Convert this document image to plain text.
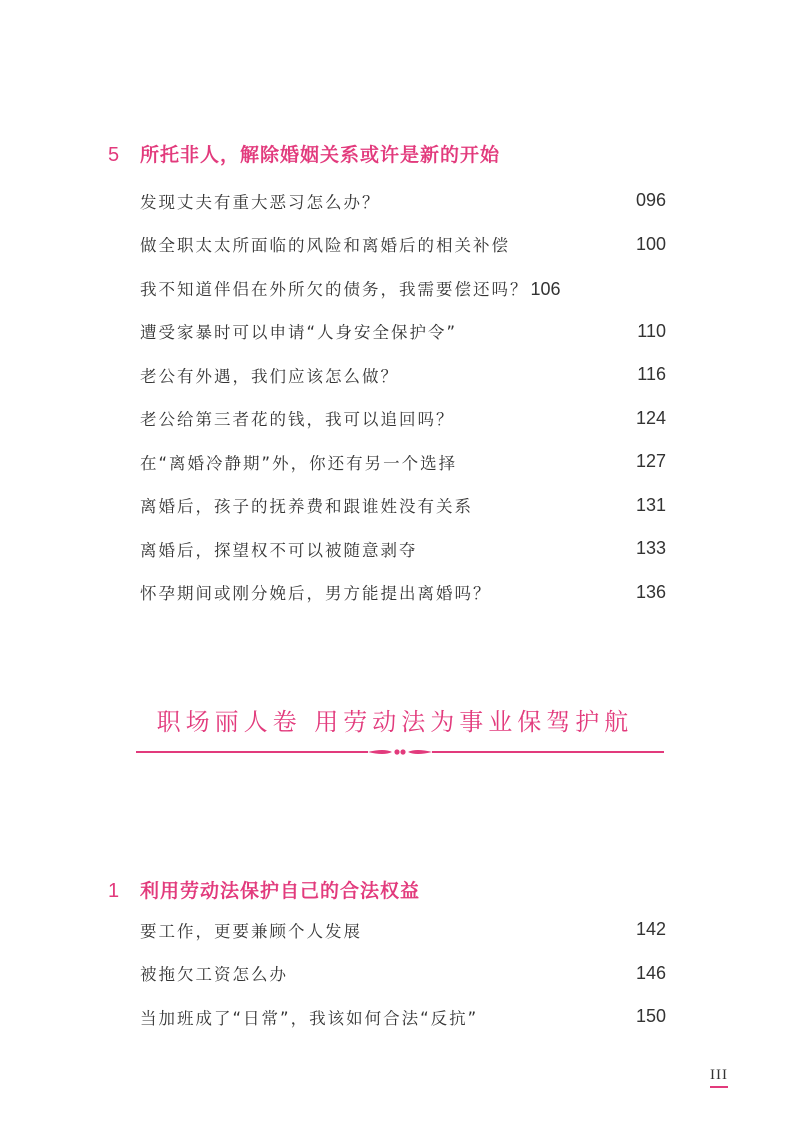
5	所托非人，解除婚姻关系或许是新的开始
发现丈夫有重大恶习怎么办？	096
做全职太太所面临的风险和离婚后的相关补偿	100
我不知道伴侣在外所欠的债务，我需要偿还吗？ 106
遭受家暴时可以申请“人身安全保护令”	110
老公有外遇，我们应该怎么做？	116
老公给第三者花的钱，我可以追回吗？	124
在“离婚冷静期”外，你还有另一个选择	127
离婚后，孩子的抚养费和跟谁姓没有关系	131
离婚后，探望权不可以被随意剥夺	133
怀孕期间或刚分娩后，男方能提出离婚吗？	136
职场丽人卷 用劳动法为事业保驾护航
1	利用劳动法保护自己的合法权益
要工作，更要兼顾个人发展	142
被拖欠工资怎么办	146
当加班成了“日常”，我该如何合法“反抗”	150
III
